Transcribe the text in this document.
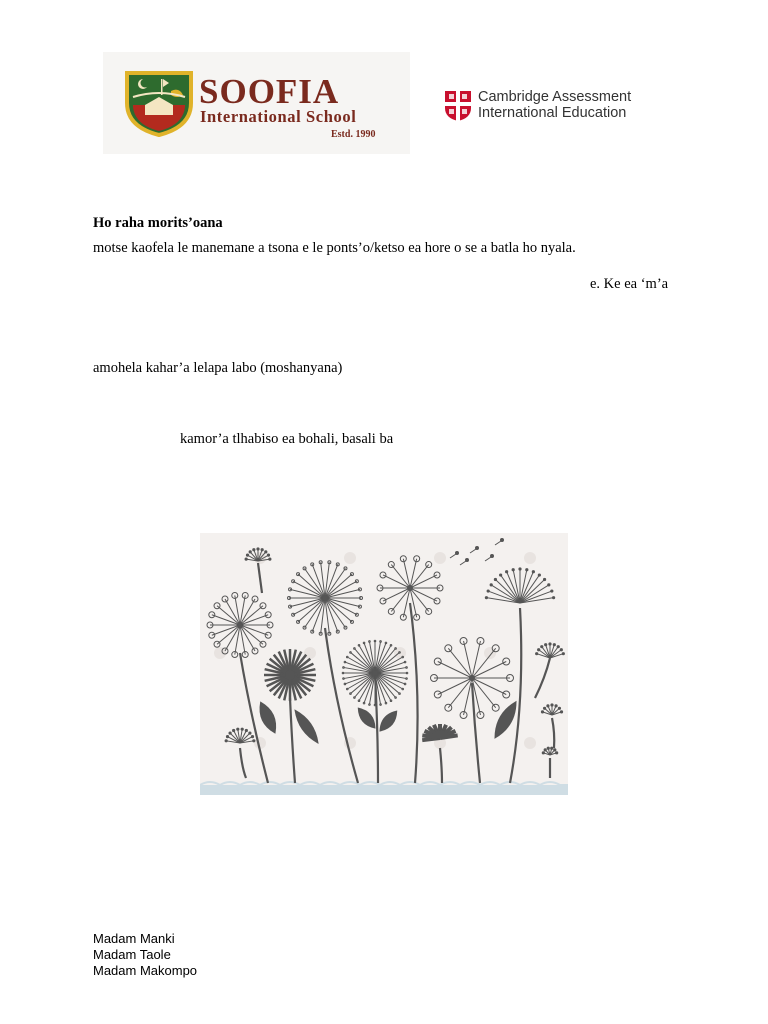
SOOFIA
International School
Estd. 1990
Cambridge Assessment
International Education
Ho raha morits’oana
motse kaofela le manemane a tsona e le ponts’o/ketso ea hore o se a batla ho nyala.
e. Ke ea ‘m’a
amohela kahar’a lelapa labo (moshanyana)
kamor’a tlhabiso ea bohali, basali ba
Madam Manki
Madam Taole
Madam Makompo
